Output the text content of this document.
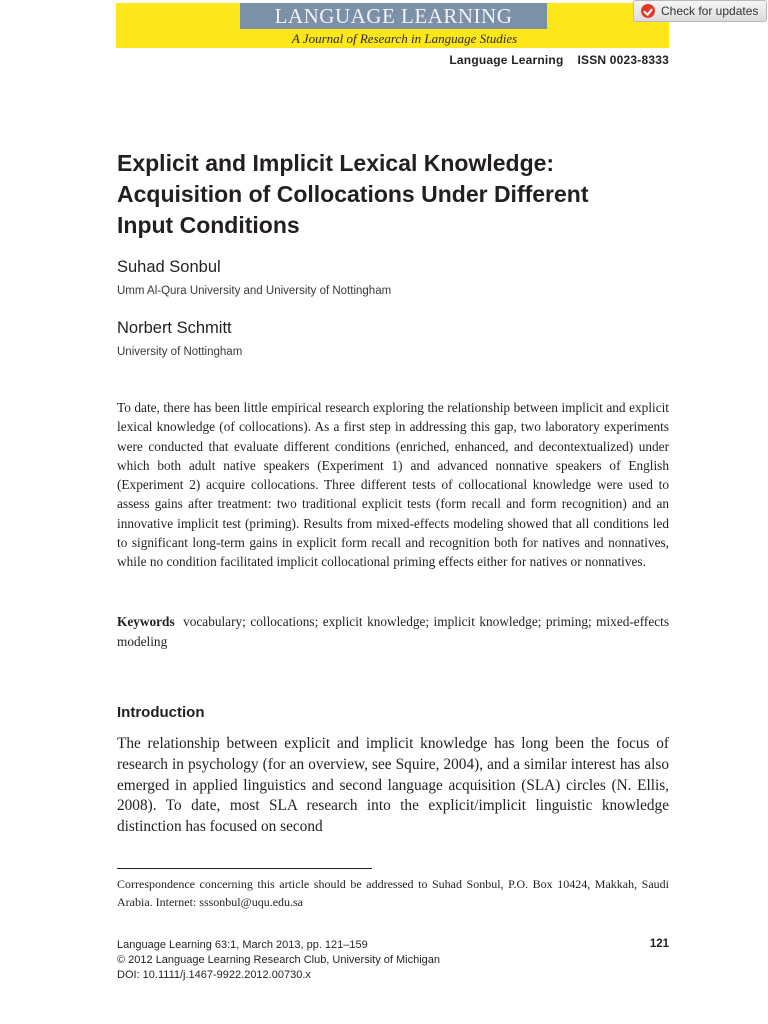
LANGUAGE LEARNING
A Journal of Research in Language Studies
Check for updates
Language Learning ISSN 0023-8333
Explicit and Implicit Lexical Knowledge:
Acquisition of Collocations Under Different
Input Conditions
Suhad Sonbul
Umm Al-Qura University and University of Nottingham
Norbert Schmitt
University of Nottingham

To date, there has been little empirical research exploring the relationship between implicit and explicit lexical knowledge (of collocations). As a first step in addressing this gap, two laboratory experiments were conducted that evaluate different conditions (enriched, enhanced, and decontextualized) under which both adult native speakers (Experiment 1) and advanced nonnative speakers of English (Experiment 2) acquire collocations. Three different tests of collocational knowledge were used to assess gains after treatment: two traditional explicit tests (form recall and form recognition) and an innovative implicit test (priming). Results from mixed-effects modeling showed that all conditions led to significant long-term gains in explicit form recall and recognition both for natives and nonnatives, while no condition facilitated implicit collocational priming effects either for natives or nonnatives.

Keywords vocabulary; collocations; explicit knowledge; implicit knowledge; priming; mixed-effects modeling

Introduction

The relationship between explicit and implicit knowledge has long been the focus of research in psychology (for an overview, see Squire, 2004), and a similar interest has also emerged in applied linguistics and second language acquisition (SLA) circles (N. Ellis, 2008). To date, most SLA research into the explicit/implicit linguistic knowledge distinction has focused on second

Correspondence concerning this article should be addressed to Suhad Sonbul, P.O. Box 10424, Makkah, Saudi Arabia. Internet: sssonbul@uqu.edu.sa

Language Learning 63:1, March 2013, pp. 121–159
© 2012 Language Learning Research Club, University of Michigan
DOI: 10.1111/j.1467-9922.2012.00730.x
121
